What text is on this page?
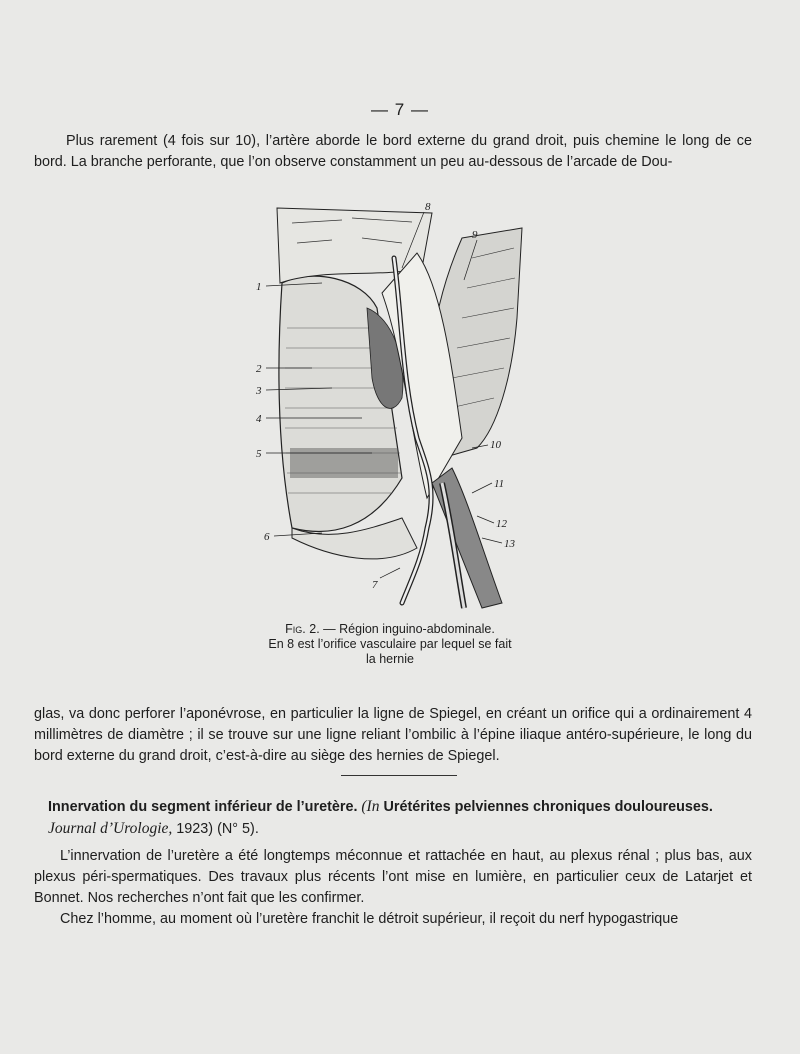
— 7 —
Plus rarement (4 fois sur 10), l’artère aborde le bord externe du grand droit, puis chemine le long de ce bord. La branche perforante, que l’on observe constamment un peu au-dessous de l’arcade de Dou-
8
9
1
2
3
4
5
10
11
12
13
6
7
Fig. 2. — Région inguino-abdominale.
En 8 est l’orifice vasculaire par lequel se fait
la hernie
glas, va donc perforer l’aponévrose, en particulier la ligne de Spiegel, en créant un orifice qui a ordinairement 4 millimètres de diamètre ; il se trouve sur une ligne reliant l’ombilic à l’épine iliaque antéro-supérieure, le long du bord externe du grand droit, c’est-à-dire au siège des hernies de Spiegel.
Innervation du segment inférieur de l’uretère. (In Urétérites pelviennes chroniques douloureuses. Journal d’Urologie, 1923) (N° 5).
L’innervation de l’uretère a été longtemps méconnue et rattachée en haut, au plexus rénal ; plus bas, aux plexus péri-spermatiques. Des travaux plus récents l’ont mise en lumière, en particulier ceux de Latarjet et Bonnet. Nos recherches n’ont fait que les confirmer.
Chez l’homme, au moment où l’uretère franchit le détroit supérieur, il reçoit du nerf hypogastrique
